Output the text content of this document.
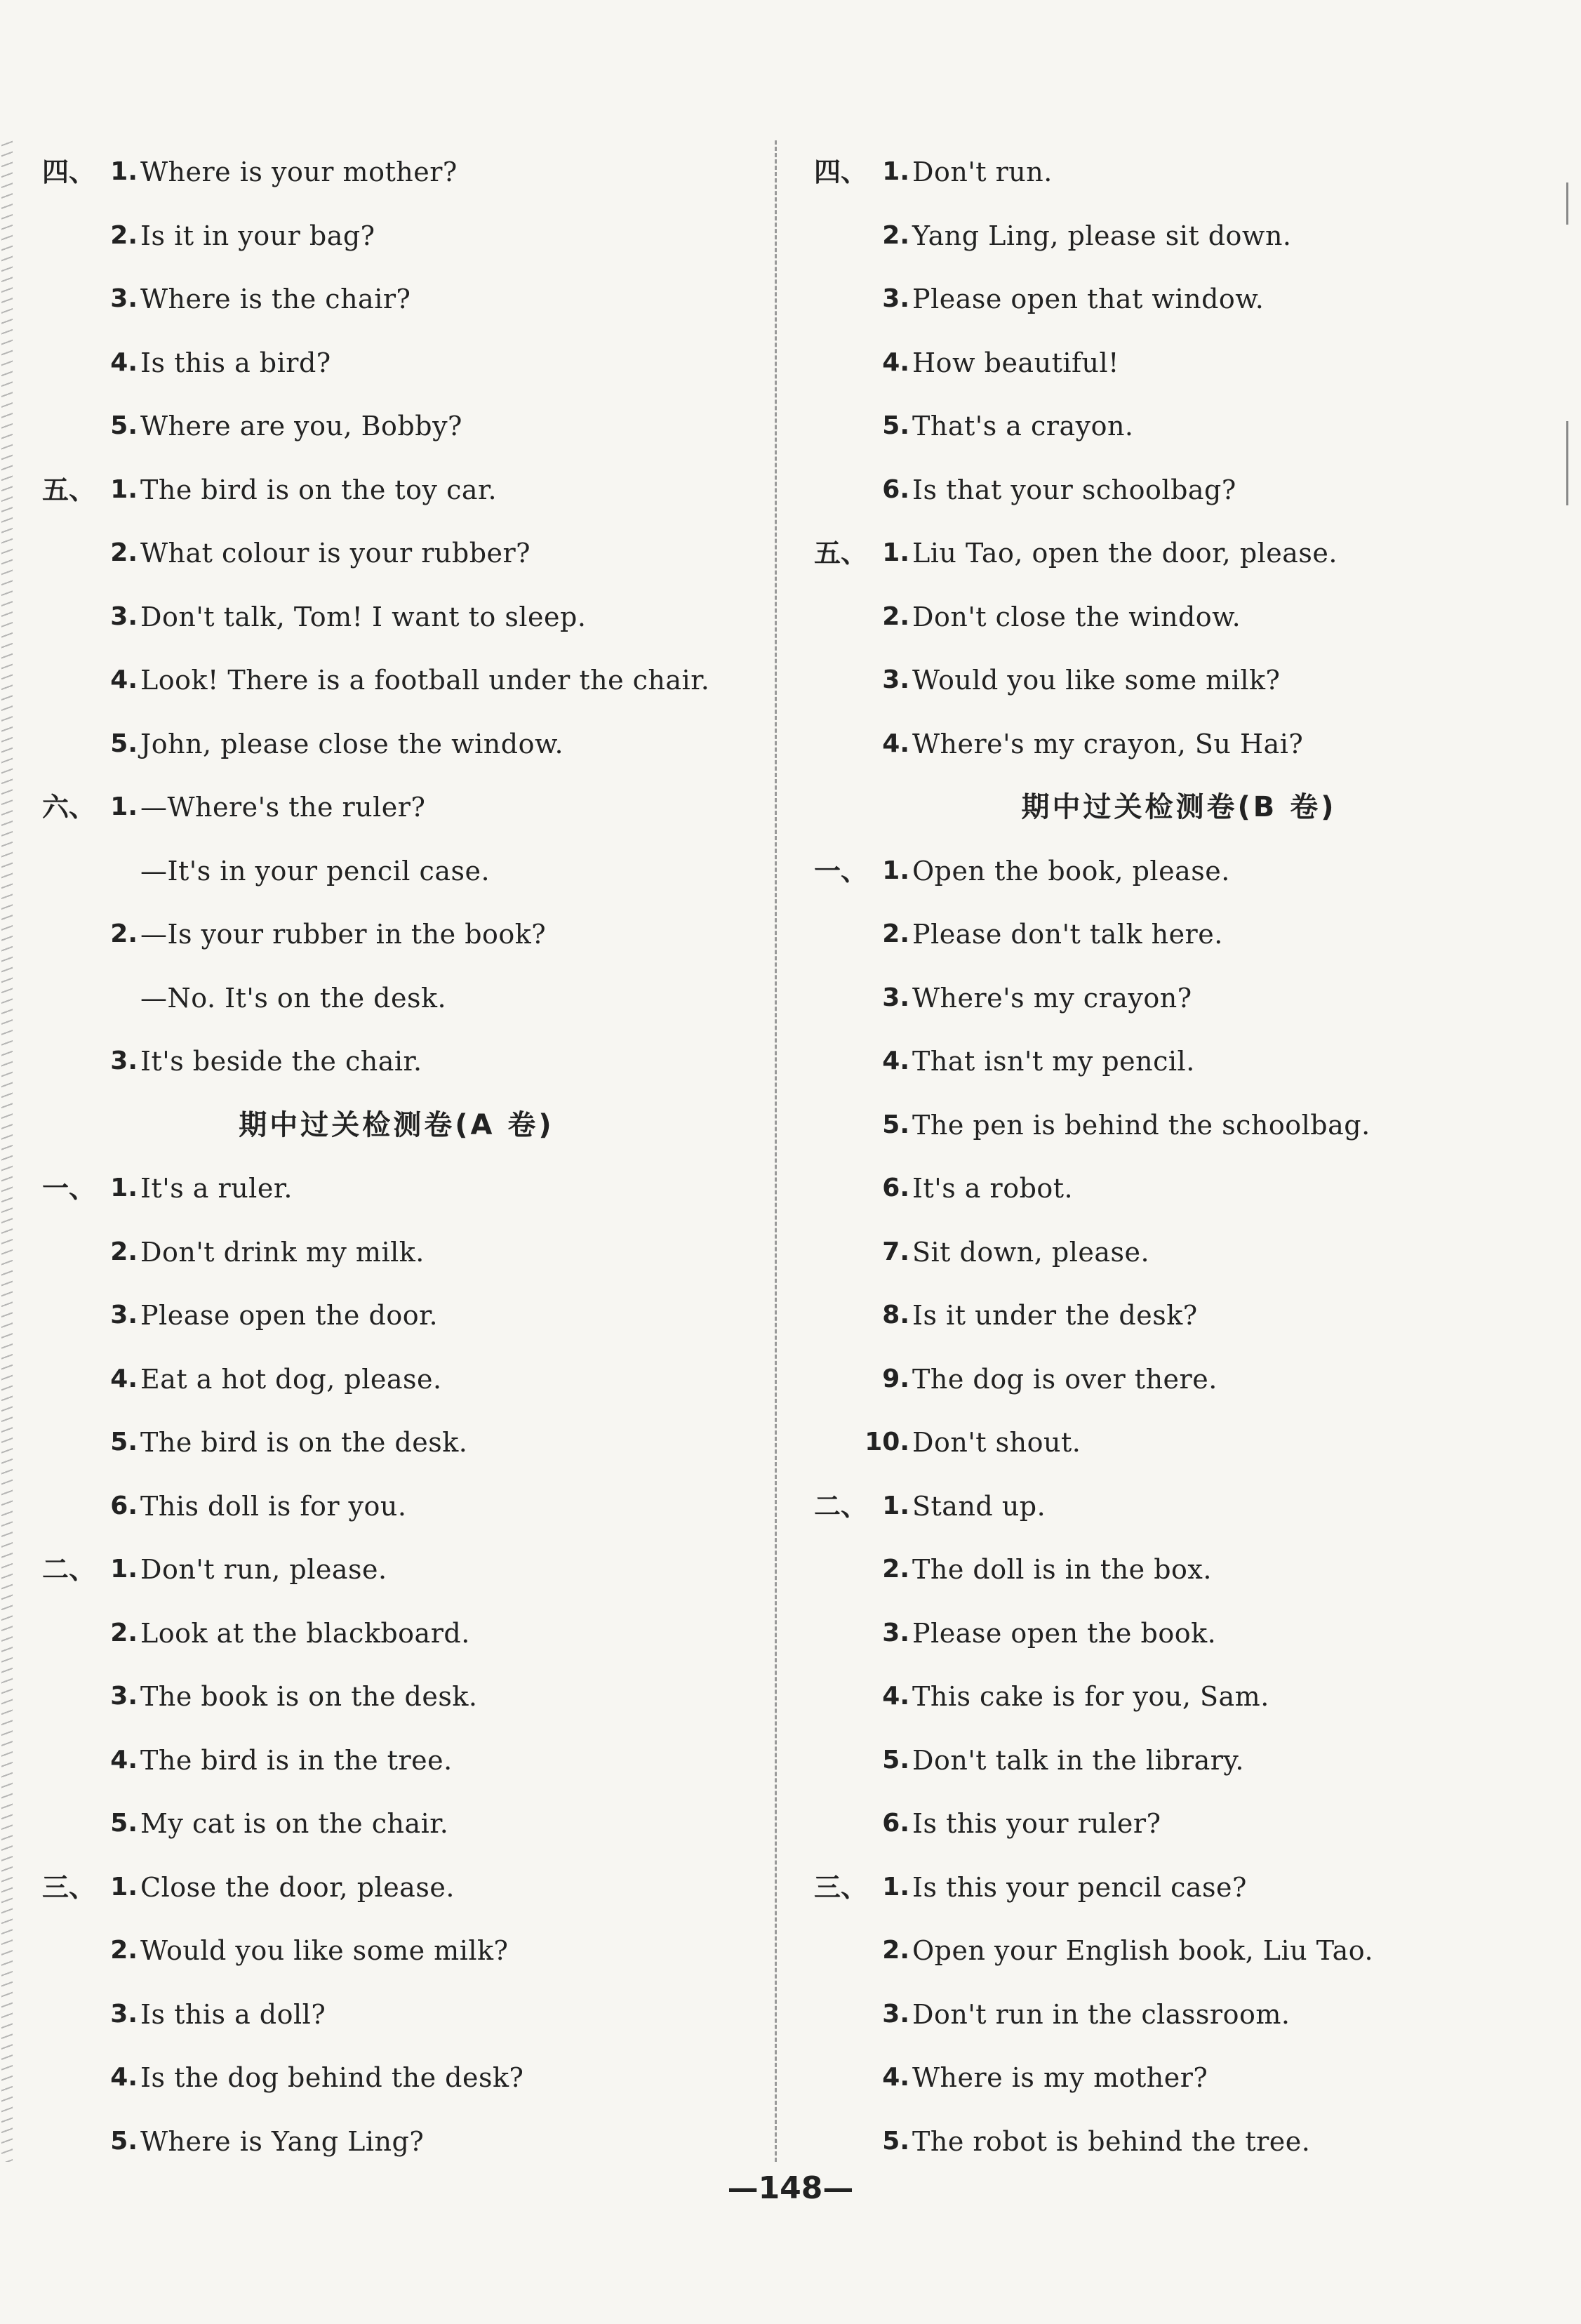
四、 1. Where is your mother?
2. Is it in your bag?
3. Where is the chair?
4. Is this a bird?
5. Where are you, Bobby?
五、 1. The bird is on the toy car.
2. What colour is your rubber?
3. Don't talk, Tom! I want to sleep.
4. Look! There is a football under the chair.
5. John, please close the window.
六、 1. —Where's the ruler?
—It's in your pencil case.
2. —Is your rubber in the book?
—No. It's on the desk.
3. It's beside the chair.
期中过关检测卷(A 卷)
一、 1. It's a ruler.
2. Don't drink my milk.
3. Please open the door.
4. Eat a hot dog, please.
5. The bird is on the desk.
6. This doll is for you.
二、 1. Don't run, please.
2. Look at the blackboard.
3. The book is on the desk.
4. The bird is in the tree.
5. My cat is on the chair.
三、 1. Close the door, please.
2. Would you like some milk?
3. Is this a doll?
4. Is the dog behind the desk?
5. Where is Yang Ling?
四、 1. Don't run.
2. Yang Ling, please sit down.
3. Please open that window.
4. How beautiful!
5. That's a crayon.
6. Is that your schoolbag?
五、 1. Liu Tao, open the door, please.
2. Don't close the window.
3. Would you like some milk?
4. Where's my crayon, Su Hai?
期中过关检测卷(B 卷)
一、 1. Open the book, please.
2. Please don't talk here.
3. Where's my crayon?
4. That isn't my pencil.
5. The pen is behind the schoolbag.
6. It's a robot.
7. Sit down, please.
8. Is it under the desk?
9. The dog is over there.
10. Don't shout.
二、 1. Stand up.
2. The doll is in the box.
3. Please open the book.
4. This cake is for you, Sam.
5. Don't talk in the library.
6. Is this your ruler?
三、 1. Is this your pencil case?
2. Open your English book, Liu Tao.
3. Don't run in the classroom.
4. Where is my mother?
5. The robot is behind the tree.
—148—
